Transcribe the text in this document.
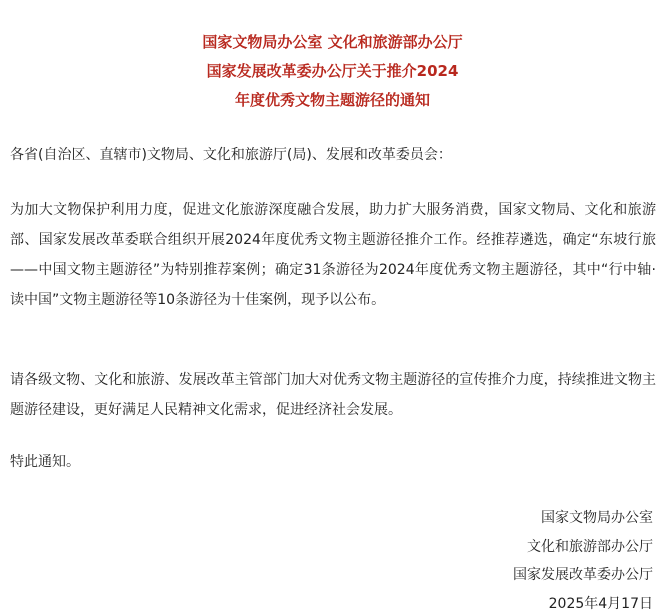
国家文物局办公室 文化和旅游部办公厅
国家发展改革委办公厅关于推介2024
年度优秀文物主题游径的通知
各省(自治区、直辖市)文物局、文化和旅游厅(局)、发展和改革委员会：
为加大文物保护利用力度，促进文化旅游深度融合发展，助力扩大服务消费，国家文物局、文化和旅游部、国家发展改革委联合组织开展2024年度优秀文物主题游径推介工作。经推荐遴选，确定“东坡行旅——中国文物主题游径”为特别推荐案例；确定31条游径为2024年度优秀文物主题游径，其中“行中轴·读中国”文物主题游径等10条游径为十佳案例，现予以公布。
请各级文物、文化和旅游、发展改革主管部门加大对优秀文物主题游径的宣传推介力度，持续推进文物主题游径建设，更好满足人民精神文化需求，促进经济社会发展。
特此通知。
国家文物局办公室
文化和旅游部办公厅
国家发展改革委办公厅
2025年4月17日
